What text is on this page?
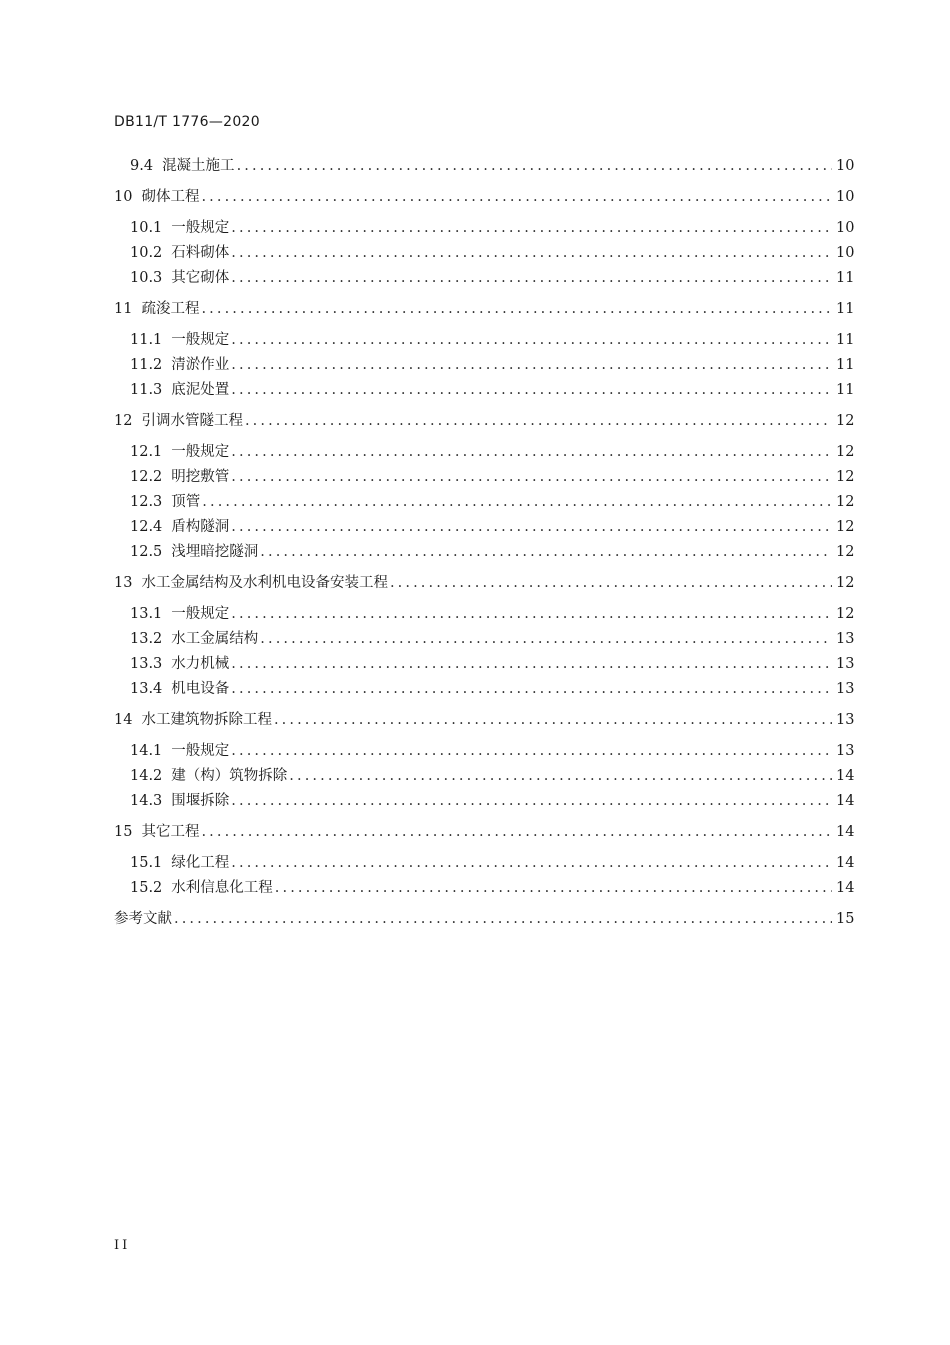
DB11/T 1776—2020
9.4 混凝土施工 .....	10
10 砌体工程 .....	10
10.1 一般规定 .....	10
10.2 石料砌体 .....	10
10.3 其它砌体 .....	11
11 疏浚工程 .....	11
11.1 一般规定 .....	11
11.2 清淤作业 .....	11
11.3 底泥处置 .....	11
12 引调水管隧工程 .....	12
12.1 一般规定 .....	12
12.2 明挖敷管 .....	12
12.3 顶管 .....	12
12.4 盾构隧洞 .....	12
12.5 浅埋暗挖隧洞 .....	12
13 水工金属结构及水利机电设备安装工程 .....	12
13.1 一般规定 .....	12
13.2 水工金属结构 .....	13
13.3 水力机械 .....	13
13.4 机电设备 .....	13
14 水工建筑物拆除工程 .....	13
14.1 一般规定 .....	13
14.2 建（构）筑物拆除 .....	14
14.3 围堰拆除 .....	14
15 其它工程 .....	14
15.1 绿化工程 .....	14
15.2 水利信息化工程 .....	14
参考文献 .....	15
II
